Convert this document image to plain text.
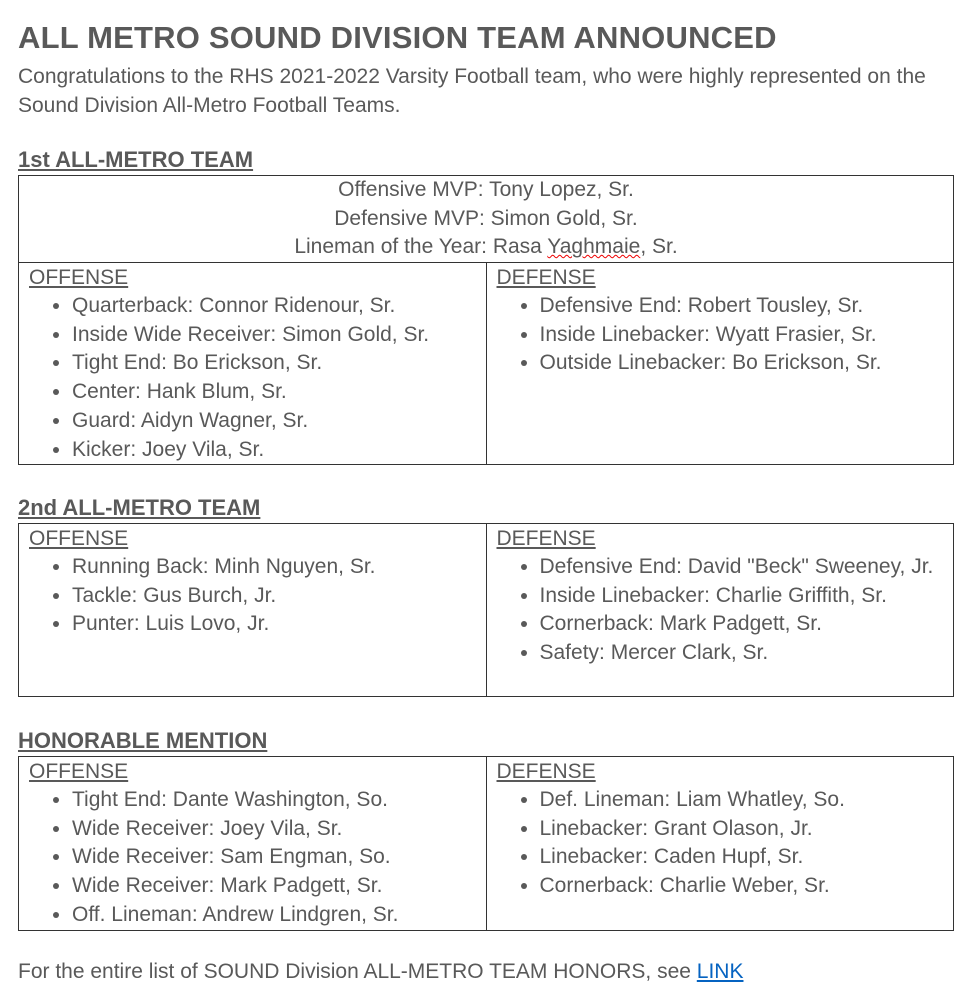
ALL METRO SOUND DIVISION TEAM ANNOUNCED

Congratulations to the RHS 2021-2022 Varsity Football team, who were highly represented on the Sound Division All-Metro Football Teams.

1st ALL-METRO TEAM

Offensive MVP: Tony Lopez, Sr.
Defensive MVP: Simon Gold, Sr.
Lineman of the Year: Rasa Yaghmaie, Sr.

OFFENSE
• Quarterback: Connor Ridenour, Sr.
• Inside Wide Receiver: Simon Gold, Sr.
• Tight End: Bo Erickson, Sr.
• Center: Hank Blum, Sr.
• Guard: Aidyn Wagner, Sr.
• Kicker: Joey Vila, Sr.

DEFENSE
• Defensive End: Robert Tousley, Sr.
• Inside Linebacker: Wyatt Frasier, Sr.
• Outside Linebacker: Bo Erickson, Sr.

2nd ALL-METRO TEAM

OFFENSE
• Running Back: Minh Nguyen, Sr.
• Tackle: Gus Burch, Jr.
• Punter: Luis Lovo, Jr.

DEFENSE
• Defensive End: David "Beck" Sweeney, Jr.
• Inside Linebacker: Charlie Griffith, Sr.
• Cornerback: Mark Padgett, Sr.
• Safety: Mercer Clark, Sr.

HONORABLE MENTION

OFFENSE
• Tight End: Dante Washington, So.
• Wide Receiver: Joey Vila, Sr.
• Wide Receiver: Sam Engman, So.
• Wide Receiver: Mark Padgett, Sr.
• Off. Lineman: Andrew Lindgren, Sr.

DEFENSE
• Def. Lineman: Liam Whatley, So.
• Linebacker: Grant Olason, Jr.
• Linebacker: Caden Hupf, Sr.
• Cornerback: Charlie Weber, Sr.

For the entire list of SOUND Division ALL-METRO TEAM HONORS, see LINK
